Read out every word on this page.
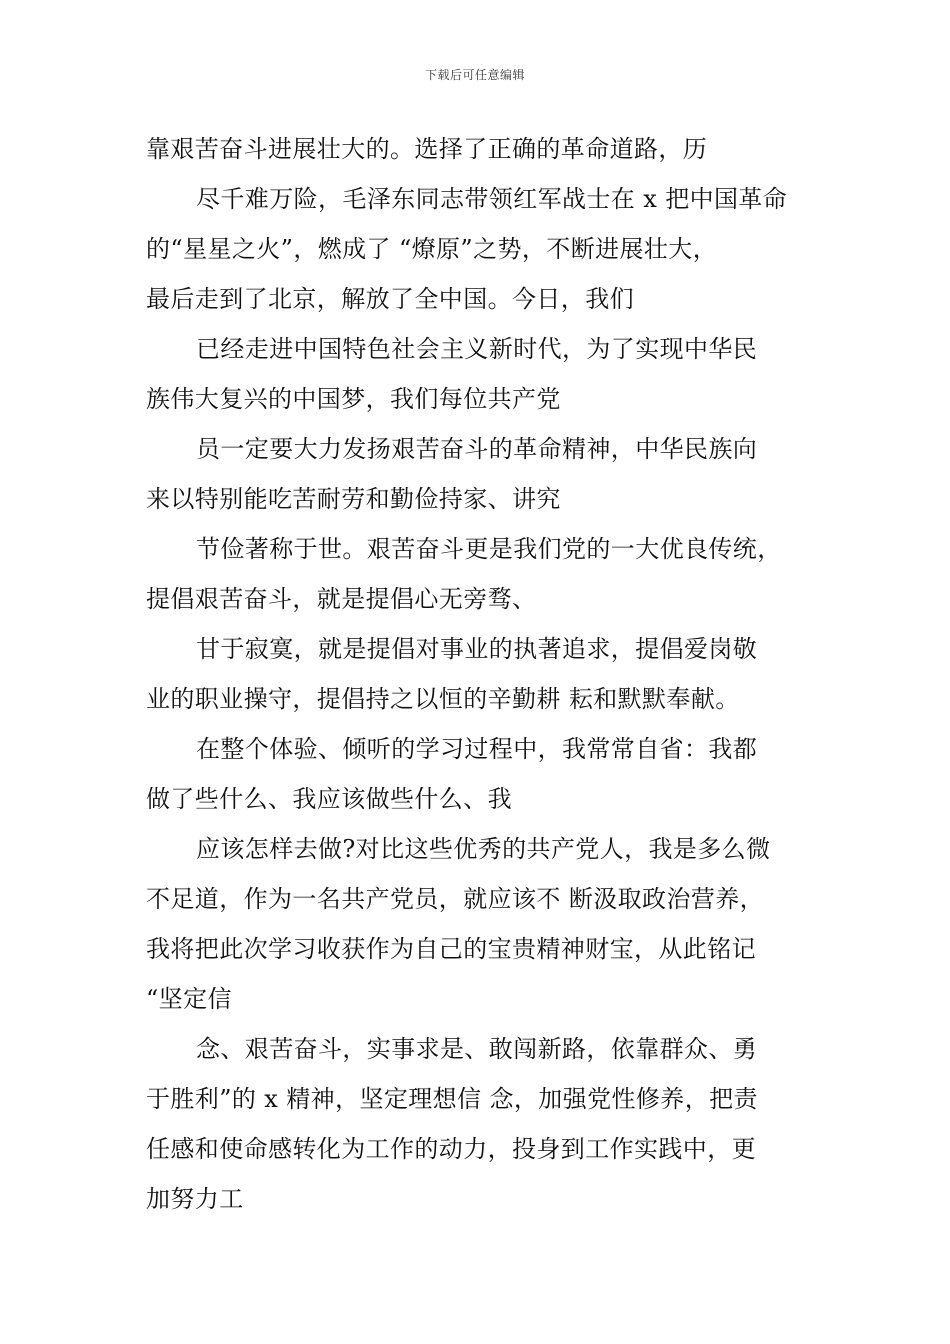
下载后可任意编辑
靠艰苦奋斗进展壮大的。选择了正确的革命道路，历
尽千难万险，毛泽东同志带领红军战士在 x 把中国革命
的“星星之火”，燃成了 “燎原”之势，不断进展壮大，
最后走到了北京，解放了全中国。今日，我们
已经走进中国特色社会主义新时代，为了实现中华民
族伟大复兴的中国梦，我们每位共产党
员一定要大力发扬艰苦奋斗的革命精神，中华民族向
来以特别能吃苦耐劳和勤俭持家、讲究
节俭著称于世。艰苦奋斗更是我们党的一大优良传统，
提倡艰苦奋斗，就是提倡心无旁骛、
甘于寂寞，就是提倡对事业的执著追求，提倡爱岗敬
业的职业操守，提倡持之以恒的辛勤耕 耘和默默奉献。
在整个体验、倾听的学习过程中，我常常自省：我都
做了些什么、我应该做些什么、我
应该怎样去做?对比这些优秀的共产党人，我是多么微
不足道，作为一名共产党员，就应该不 断汲取政治营养，
我将把此次学习收获作为自己的宝贵精神财宝，从此铭记
“坚定信
念、艰苦奋斗，实事求是、敢闯新路，依靠群众、勇
于胜利”的 x 精神，坚定理想信 念，加强党性修养，把责
任感和使命感转化为工作的动力，投身到工作实践中，更
加努力工
